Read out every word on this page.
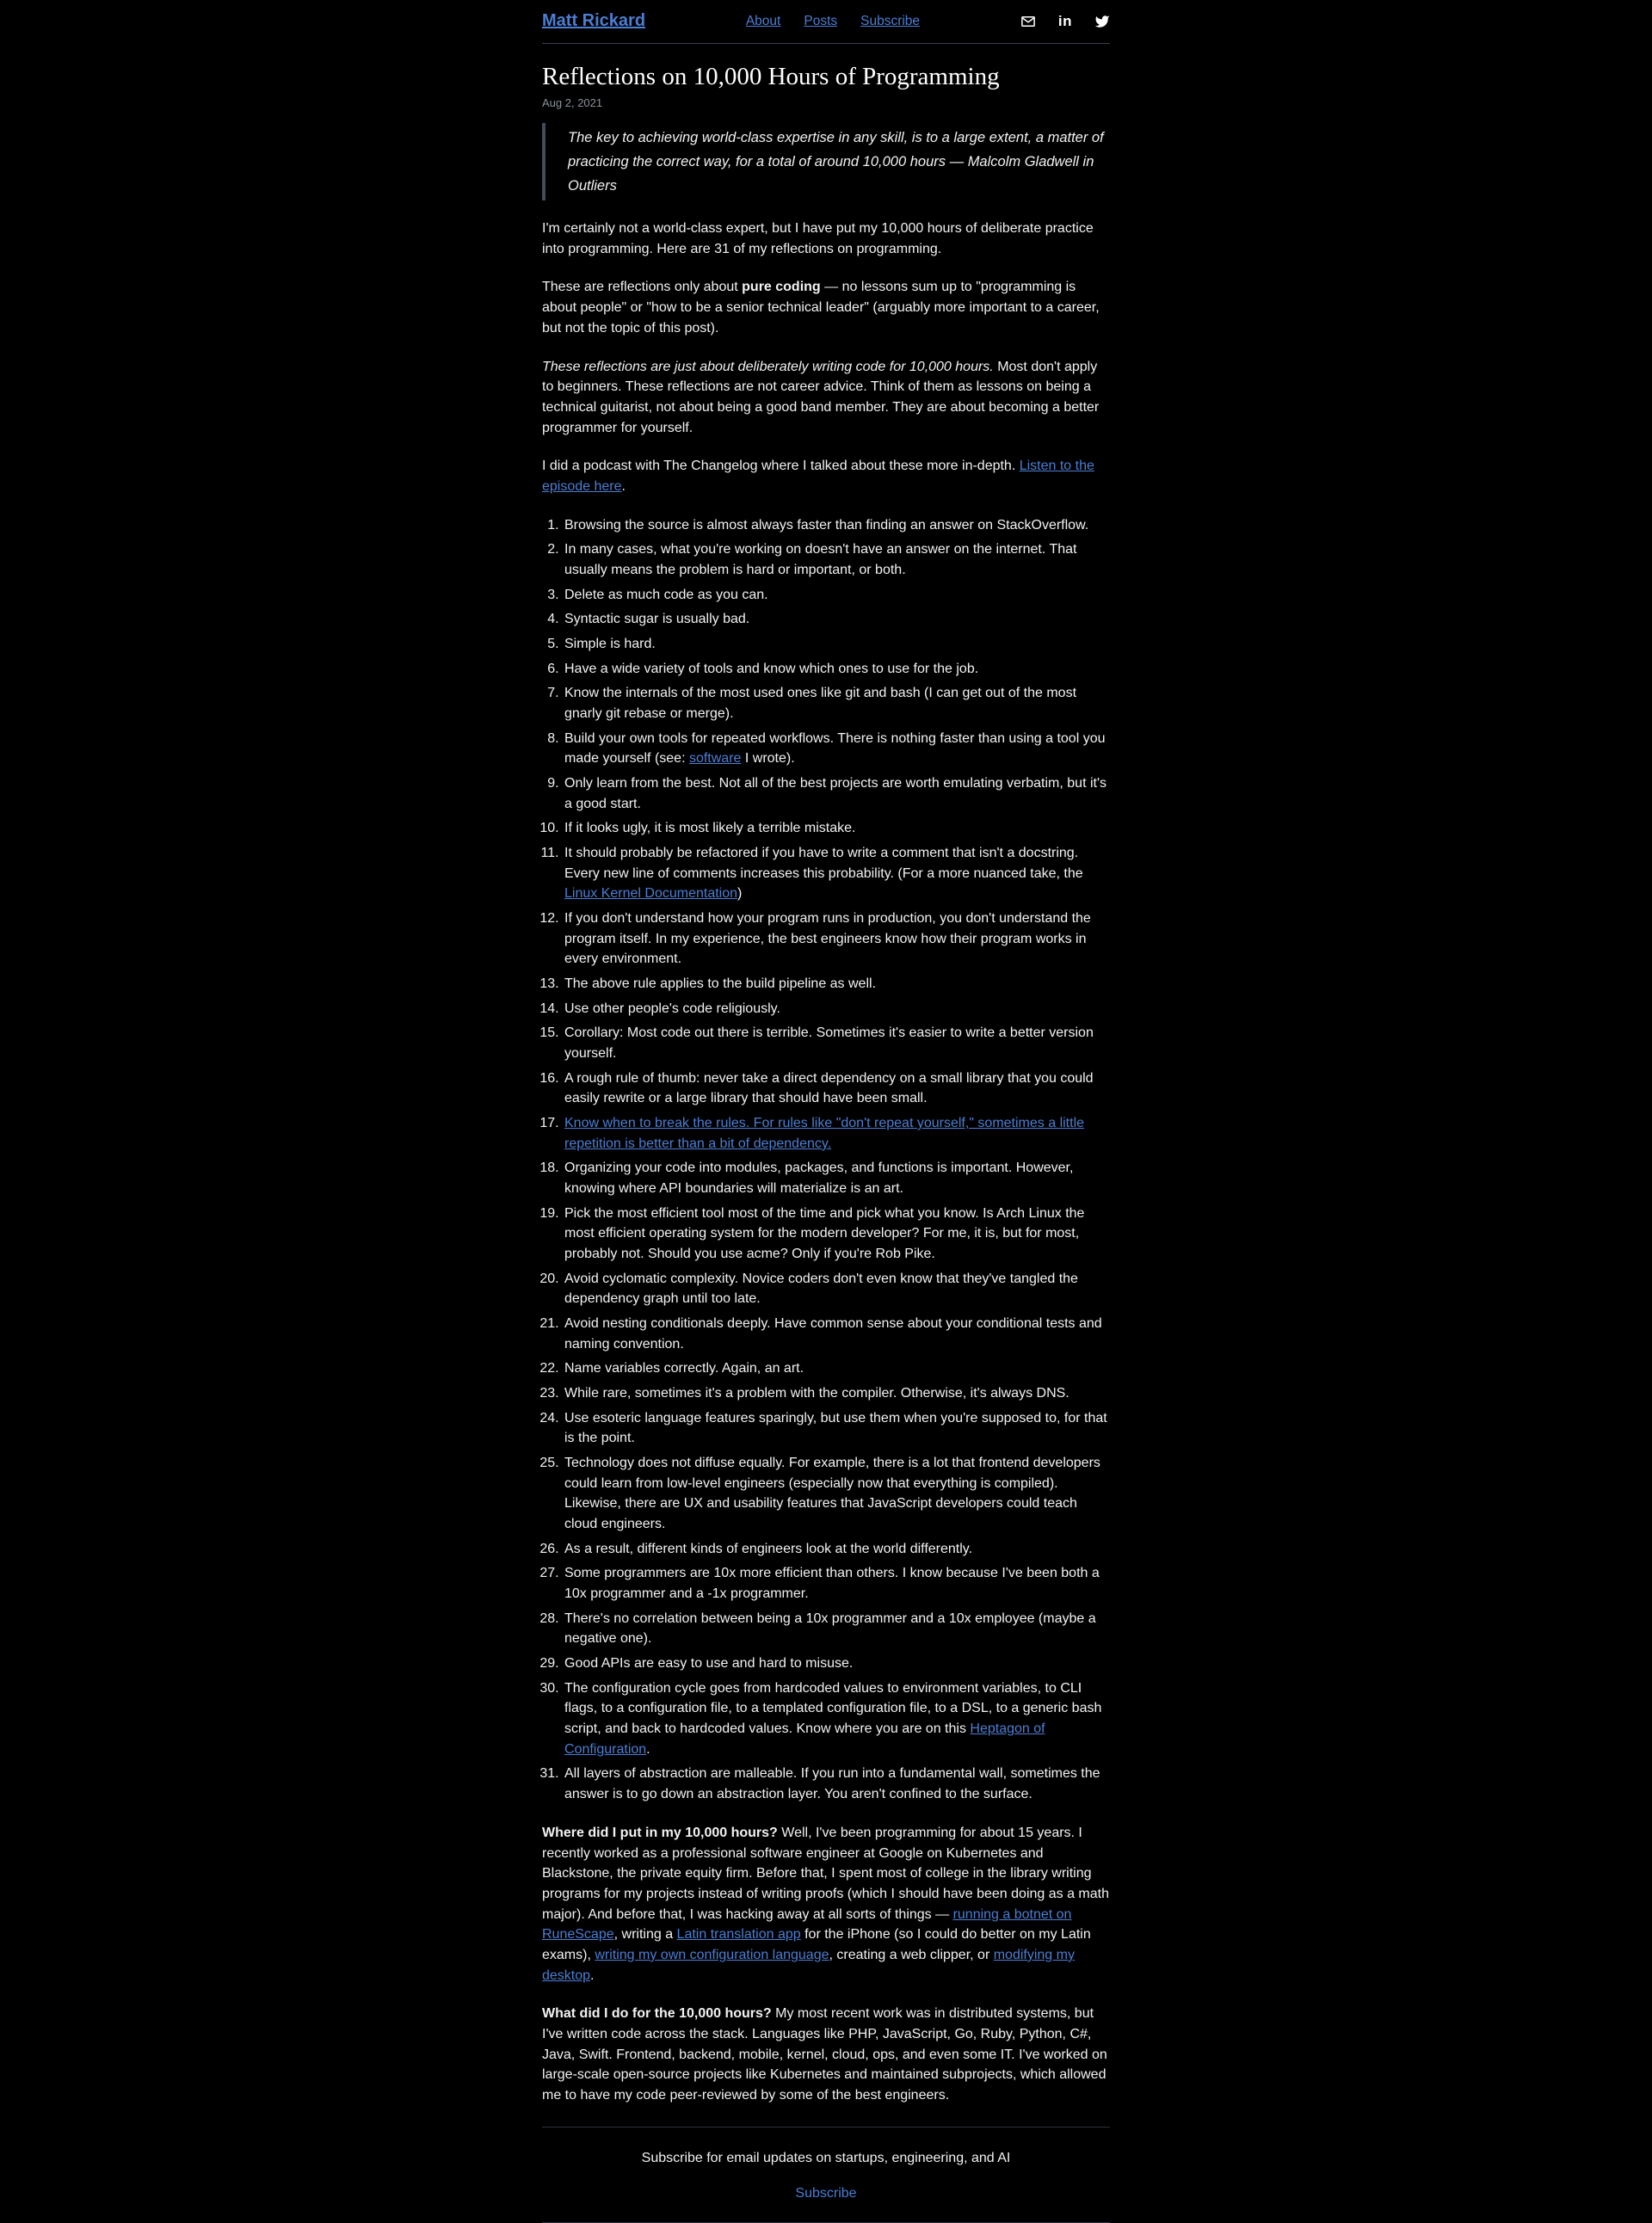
Matt Rickard	About Posts Subscribe	in
Reflections on 10,000 Hours of Programming
Aug 2, 2021
The key to achieving world-class expertise in any skill, is to a large extent, a matter of practicing the correct way, for a total of around 10,000 hours — Malcolm Gladwell in Outliers

I'm certainly not a world-class expert, but I have put my 10,000 hours of deliberate practice into programming. Here are 31 of my reflections on programming.

These are reflections only about pure coding — no lessons sum up to "programming is about people" or "how to be a senior technical leader" (arguably more important to a career, but not the topic of this post).

These reflections are just about deliberately writing code for 10,000 hours. Most don't apply to beginners. These reflections are not career advice. Think of them as lessons on being a technical guitarist, not about being a good band member. They are about becoming a better programmer for yourself.

I did a podcast with The Changelog where I talked about these more in-depth. Listen to the episode here.

1. Browsing the source is almost always faster than finding an answer on StackOverflow.
2. In many cases, what you're working on doesn't have an answer on the internet. That usually means the problem is hard or important, or both.
3. Delete as much code as you can.
4. Syntactic sugar is usually bad.
5. Simple is hard.
6. Have a wide variety of tools and know which ones to use for the job.
7. Know the internals of the most used ones like git and bash (I can get out of the most gnarly git rebase or merge).
8. Build your own tools for repeated workflows. There is nothing faster than using a tool you made yourself (see: software I wrote).
9. Only learn from the best. Not all of the best projects are worth emulating verbatim, but it's a good start.
10. If it looks ugly, it is most likely a terrible mistake.
11. It should probably be refactored if you have to write a comment that isn't a docstring. Every new line of comments increases this probability. (For a more nuanced take, the Linux Kernel Documentation)
12. If you don't understand how your program runs in production, you don't understand the program itself. In my experience, the best engineers know how their program works in every environment.
13. The above rule applies to the build pipeline as well.
14. Use other people's code religiously.
15. Corollary: Most code out there is terrible. Sometimes it's easier to write a better version yourself.
16. A rough rule of thumb: never take a direct dependency on a small library that you could easily rewrite or a large library that should have been small.
17. Know when to break the rules. For rules like "don't repeat yourself," sometimes a little repetition is better than a bit of dependency.
18. Organizing your code into modules, packages, and functions is important. However, knowing where API boundaries will materialize is an art.
19. Pick the most efficient tool most of the time and pick what you know. Is Arch Linux the most efficient operating system for the modern developer? For me, it is, but for most, probably not. Should you use acme? Only if you're Rob Pike.
20. Avoid cyclomatic complexity. Novice coders don't even know that they've tangled the dependency graph until too late.
21. Avoid nesting conditionals deeply. Have common sense about your conditional tests and naming convention.
22. Name variables correctly. Again, an art.
23. While rare, sometimes it's a problem with the compiler. Otherwise, it's always DNS.
24. Use esoteric language features sparingly, but use them when you're supposed to, for that is the point.
25. Technology does not diffuse equally. For example, there is a lot that frontend developers could learn from low-level engineers (especially now that everything is compiled). Likewise, there are UX and usability features that JavaScript developers could teach cloud engineers.
26. As a result, different kinds of engineers look at the world differently.
27. Some programmers are 10x more efficient than others. I know because I've been both a 10x programmer and a -1x programmer.
28. There's no correlation between being a 10x programmer and a 10x employee (maybe a negative one).
29. Good APIs are easy to use and hard to misuse.
30. The configuration cycle goes from hardcoded values to environment variables, to CLI flags, to a configuration file, to a templated configuration file, to a DSL, to a generic bash script, and back to hardcoded values. Know where you are on this Heptagon of Configuration.
31. All layers of abstraction are malleable. If you run into a fundamental wall, sometimes the answer is to go down an abstraction layer. You aren't confined to the surface.

Where did I put in my 10,000 hours? Well, I've been programming for about 15 years. I recently worked as a professional software engineer at Google on Kubernetes and Blackstone, the private equity firm. Before that, I spent most of college in the library writing programs for my projects instead of writing proofs (which I should have been doing as a math major). And before that, I was hacking away at all sorts of things — running a botnet on RuneScape, writing a Latin translation app for the iPhone (so I could do better on my Latin exams), writing my own configuration language, creating a web clipper, or modifying my desktop.

What did I do for the 10,000 hours? My most recent work was in distributed systems, but I've written code across the stack. Languages like PHP, JavaScript, Go, Ruby, Python, C#, Java, Swift. Frontend, backend, mobile, kernel, cloud, ops, and even some IT. I've worked on large-scale open-source projects like Kubernetes and maintained subprojects, which allowed me to have my code peer-reviewed by some of the best engineers.

Subscribe for email updates on startups, engineering, and AI

Subscribe
